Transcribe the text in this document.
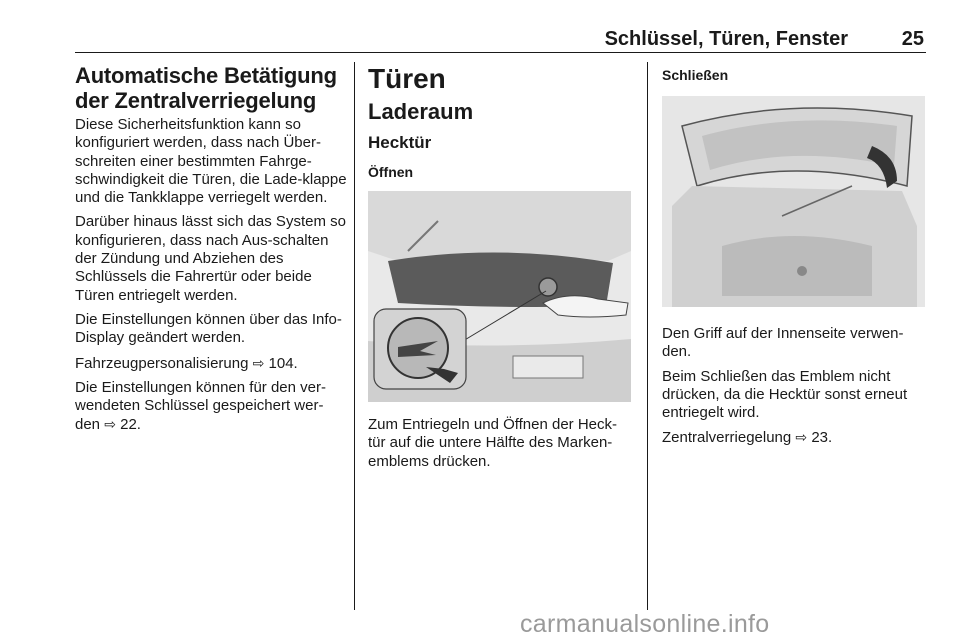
Schlüssel, Türen, Fenster	25
Automatische Betätigung der Zentralverriegelung

Diese Sicherheitsfunktion kann so konfiguriert werden, dass nach Über-schreiten einer bestimmten Fahrge-schwindigkeit die Türen, die Lade-klappe und die Tankklappe verriegelt werden.

Darüber hinaus lässt sich das System so konfigurieren, dass nach Aus-schalten der Zündung und Abziehen des Schlüssels die Fahrertür oder beide Türen entriegelt werden.

Die Einstellungen können über das Info-Display geändert werden.

Fahrzeugpersonalisierung ⇨ 104.

Die Einstellungen können für den ver-wendeten Schlüssel gespeichert wer-den ⇨ 22.

Türen
Laderaum
Hecktür
Öffnen

Zum Entriegeln und Öffnen der Heck-tür auf die untere Hälfte des Marken-emblems drücken.

Schließen

Den Griff auf der Innenseite verwen-den.

Beim Schließen das Emblem nicht drücken, da die Hecktür sonst erneut entriegelt wird.

Zentralverriegelung ⇨ 23.

carmanualsonline.info
